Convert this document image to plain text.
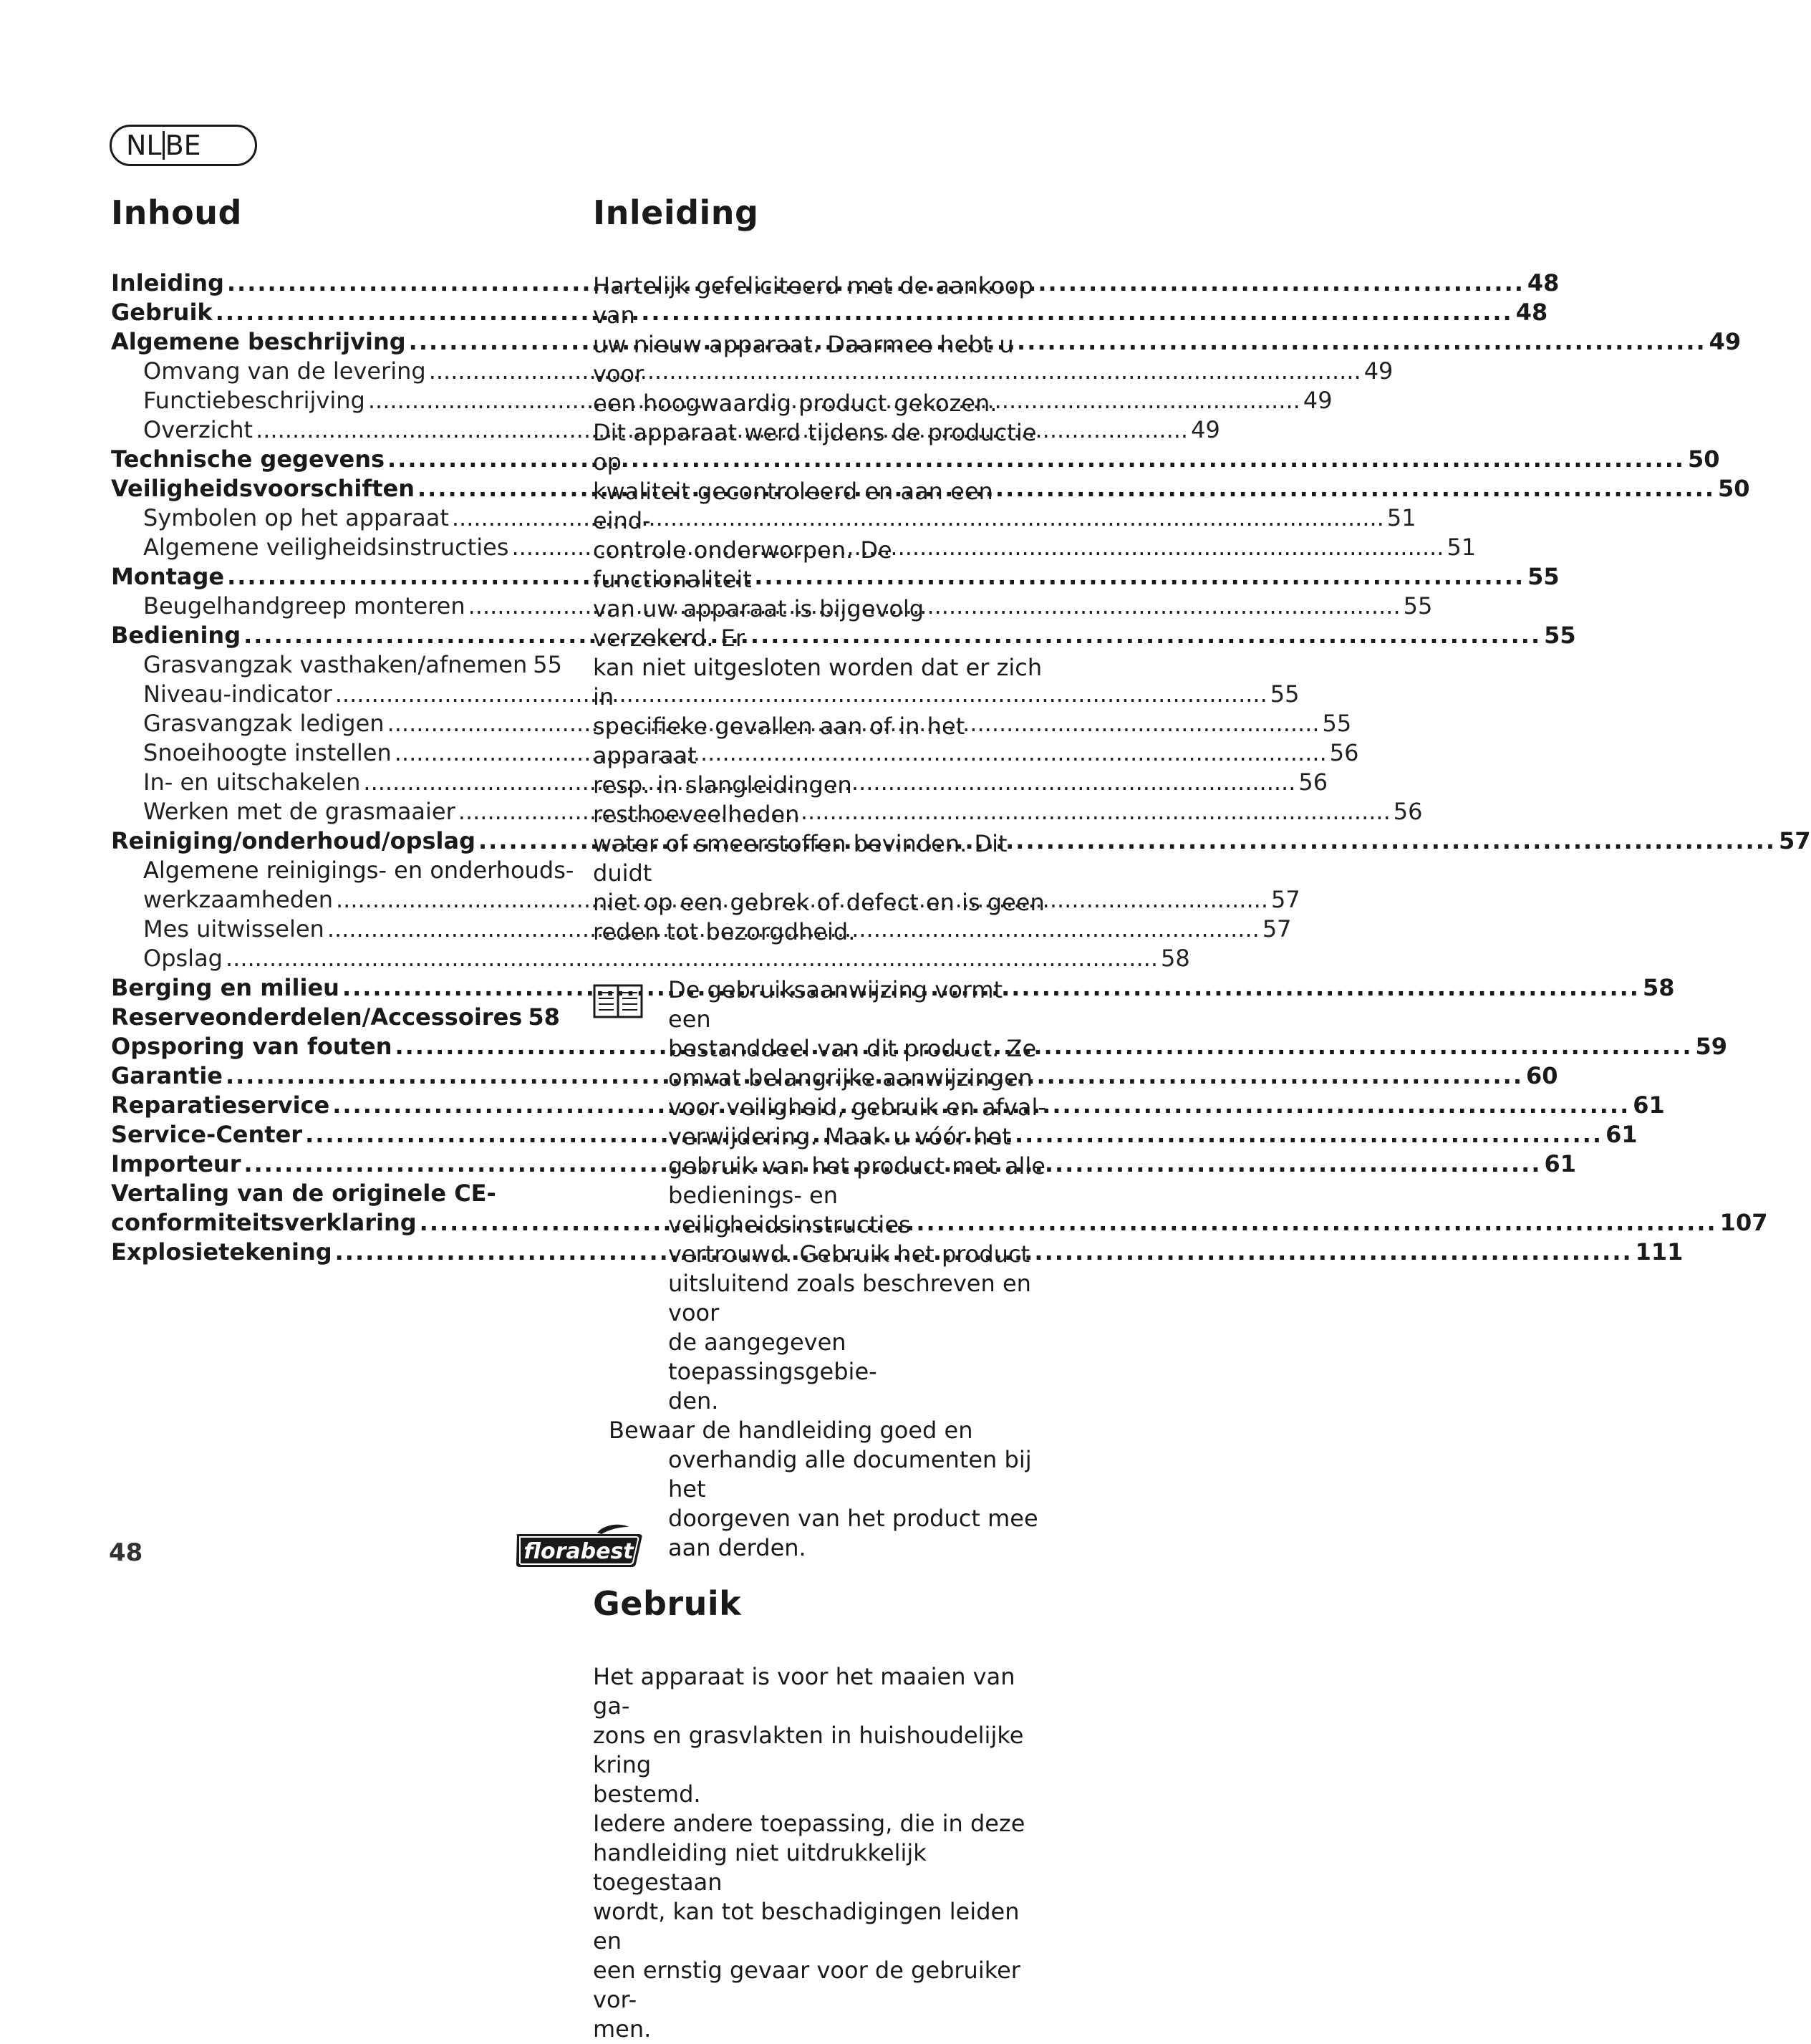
NL BE
Inhoud
Inleiding .....	48
Gebruik .....	48
Algemene beschrijving .....	49
Omvang van de levering .....	49
Functiebeschrijving .....	49
Overzicht .....	49
Technische gegevens .....	50
Veiligheidsvoorschiften .....	50
Symbolen op het apparaat .....	51
Algemene veiligheidsinstructies .....	51
Montage .....	55
Beugelhandgreep monteren .....	55
Bediening .....	55
Grasvangzak vasthaken/afnemen 55
Niveau-indicator .....	55
Grasvangzak ledigen .....	55
Snoeihoogte instellen .....	56
In- en uitschakelen .....	56
Werken met de grasmaaier .....	56
Reiniging/onderhoud/opslag .....	57
Algemene reinigings- en onderhouds-
werkzaamheden .....	57
Mes uitwisselen .....	57
Opslag .....	58
Berging en milieu .....	58
Reserveonderdelen/Accessoires 58
Opsporing van fouten .....	59
Garantie .....	60
Reparatieservice .....	61
Service-Center .....	61
Importeur .....	61
Vertaling van de originele CE-
conformiteitsverklaring .....	107
Explosietekening .....	111
Inleiding

Hartelijk gefeliciteerd met de aankoop van

uw nieuw apparaat. Daarmee hebt u voor

een hoogwaardig product gekozen.

Dit apparaat werd tijdens de productie op

kwaliteit gecontroleerd en aan een eind-

controle onderworpen. De functionaliteit

van uw apparaat is bijgevolg verzekerd. Er

kan niet uitgesloten worden dat er zich in

specifieke gevallen aan of in het apparaat

resp. in slangleidingen resthoeveelheden

water of smeerstoffen bevinden. Dit duidt

niet op een gebrek of defect en is geen

reden tot bezorgdheid.

De gebruiksaanwijzing vormt een

bestanddeel van dit product. Ze

omvat belangrijke aanwijzingen

voor veiligheid, gebruik en afval-

verwijdering. Maak u vóór het

gebruik van het product met alle

bedienings- en veiligheidsinstructies

vertrouwd. Gebruik het product

uitsluitend zoals beschreven en voor

de aangegeven toepassingsgebie-

den.

Bewaar de handleiding goed en

overhandig alle documenten bij het

doorgeven van het product mee

aan derden.

Gebruik

Het apparaat is voor het maaien van ga-

zons en grasvlakten in huishoudelijke kring

bestemd.

Iedere andere toepassing, die in deze

handleiding niet uitdrukkelijk toegestaan

wordt, kan tot beschadigingen leiden en

een ernstig gevaar voor de gebruiker vor-

men.

48	florabest
